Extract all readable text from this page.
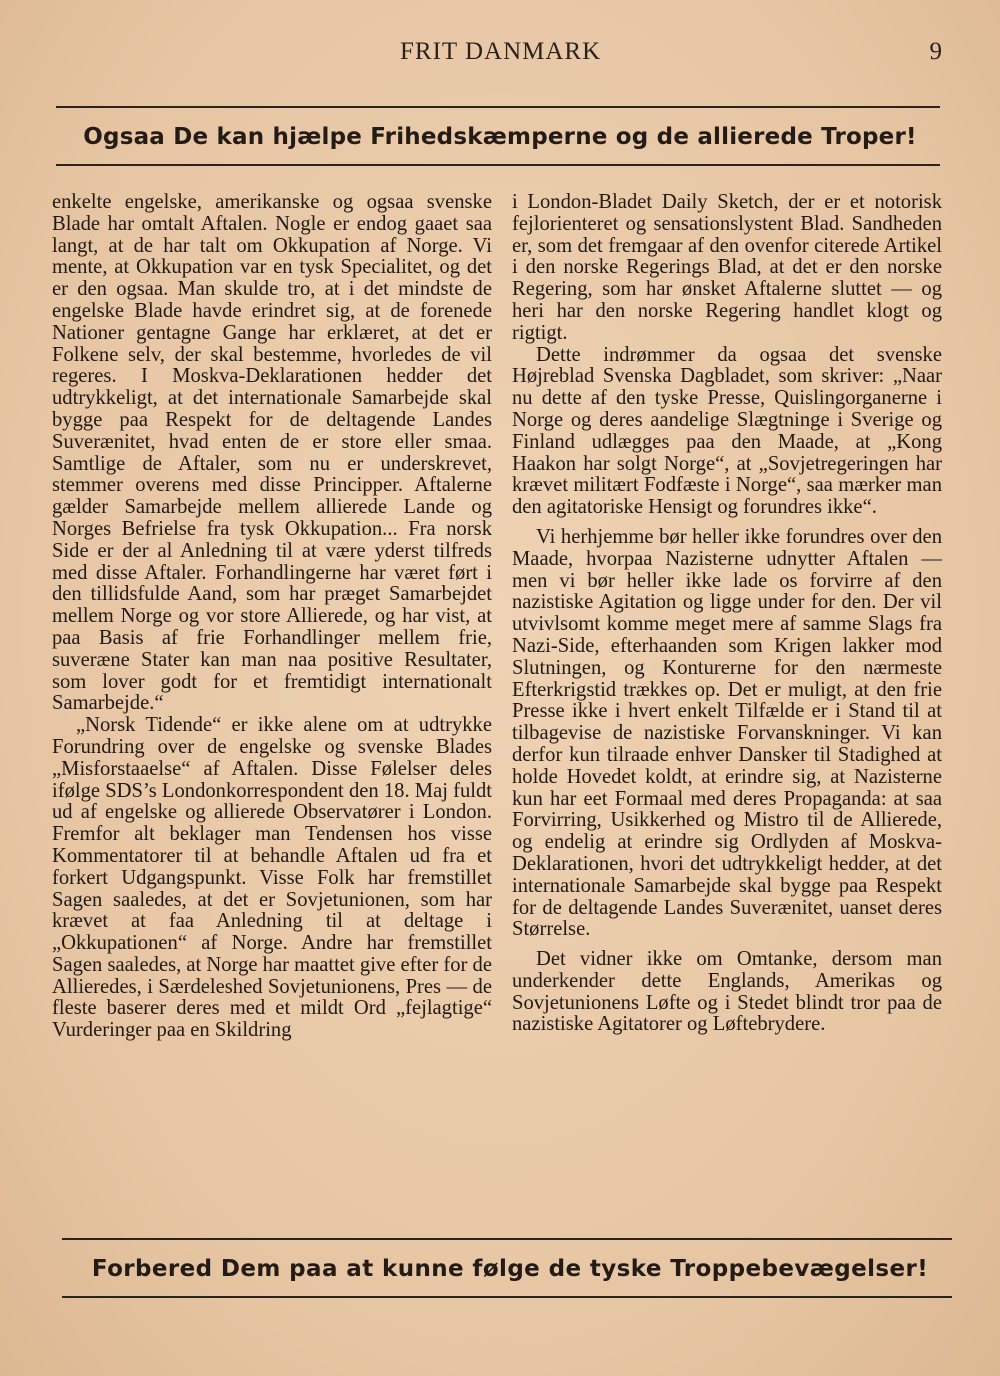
FRIT DANMARK	9
Ogsaa De kan hjælpe Frihedskæmperne og de allierede Troper!

enkelte engelske, amerikanske og ogsaa svenske Blade har omtalt Aftalen. Nogle er endog gaaet saa langt, at de har talt om Okkupation af Norge. Vi mente, at Okkupation var en tysk Specialitet, og det er den ogsaa. Man skulde tro, at i det mindste de engelske Blade havde erindret sig, at de forenede Nationer gentagne Gange har erklæret, at det er Folkene selv, der skal bestemme, hvorledes de vil regeres. I Moskva-Deklarationen hedder det udtrykkeligt, at det internationale Samarbejde skal bygge paa Respekt for de deltagende Landes Suverænitet, hvad enten de er store eller smaa. Samtlige de Aftaler, som nu er underskrevet, stemmer overens med disse Principper. Aftalerne gælder Samarbejde mellem allierede Lande og Norges Befrielse fra tysk Okkupation... Fra norsk Side er der al Anledning til at være yderst tilfreds med disse Aftaler. Forhandlingerne har været ført i den tillidsfulde Aand, som har præget Samarbejdet mellem Norge og vor store Allierede, og har vist, at paa Basis af frie Forhandlinger mellem frie, suveræne Stater kan man naa positive Resultater, som lover godt for et fremtidigt internationalt Samarbejde.“

„Norsk Tidende“ er ikke alene om at udtrykke Forundring over de engelske og svenske Blades „Misforstaaelse“ af Aftalen. Disse Følelser deles ifølge SDS’s Londonkorrespondent den 18. Maj fuldt ud af engelske og allierede Observatører i London. Fremfor alt beklager man Tendensen hos visse Kommentatorer til at behandle Aftalen ud fra et forkert Udgangspunkt. Visse Folk har fremstillet Sagen saaledes, at det er Sovjetunionen, som har krævet at faa Anledning til at deltage i „Okkupationen“ af Norge. Andre har fremstillet Sagen saaledes, at Norge har maattet give efter for de Allieredes, i Særdeleshed Sovjetunionens, Pres — de fleste baserer deres med et mildt Ord „fejlagtige“ Vurderinger paa en Skildring

i London-Bladet Daily Sketch, der er et notorisk fejlorienteret og sensationslystent Blad. Sandheden er, som det fremgaar af den ovenfor citerede Artikel i den norske Regerings Blad, at det er den norske Regering, som har ønsket Aftalerne sluttet — og heri har den norske Regering handlet klogt og rigtigt.

Dette indrømmer da ogsaa det svenske Højreblad Svenska Dagbladet, som skriver: „Naar nu dette af den tyske Presse, Quislingorganerne i Norge og deres aandelige Slægtninge i Sverige og Finland udlægges paa den Maade, at „Kong Haakon har solgt Norge“, at „Sovjetregeringen har krævet militært Fodfæste i Norge“, saa mærker man den agitatoriske Hensigt og forundres ikke“.

Vi herhjemme bør heller ikke forundres over den Maade, hvorpaa Nazisterne udnytter Aftalen — men vi bør heller ikke lade os forvirre af den nazistiske Agitation og ligge under for den. Der vil utvivlsomt komme meget mere af samme Slags fra Nazi-Side, efterhaanden som Krigen lakker mod Slutningen, og Konturerne for den nærmeste Efterkrigstid trækkes op. Det er muligt, at den frie Presse ikke i hvert enkelt Tilfælde er i Stand til at tilbagevise de nazistiske Forvanskninger. Vi kan derfor kun tilraade enhver Dansker til Stadighed at holde Hovedet koldt, at erindre sig, at Nazisterne kun har eet Formaal med deres Propaganda: at saa Forvirring, Usikkerhed og Mistro til de Allierede, og endelig at erindre sig Ordlyden af Moskva-Deklarationen, hvori det udtrykkeligt hedder, at det internationale Samarbejde skal bygge paa Respekt for de deltagende Landes Suverænitet, uanset deres Størrelse.

Det vidner ikke om Omtanke, dersom man underkender dette Englands, Amerikas og Sovjetunionens Løfte og i Stedet blindt tror paa de nazistiske Agitatorer og Løftebrydere.

Forbered Dem paa at kunne følge de tyske Troppebevægelser!
